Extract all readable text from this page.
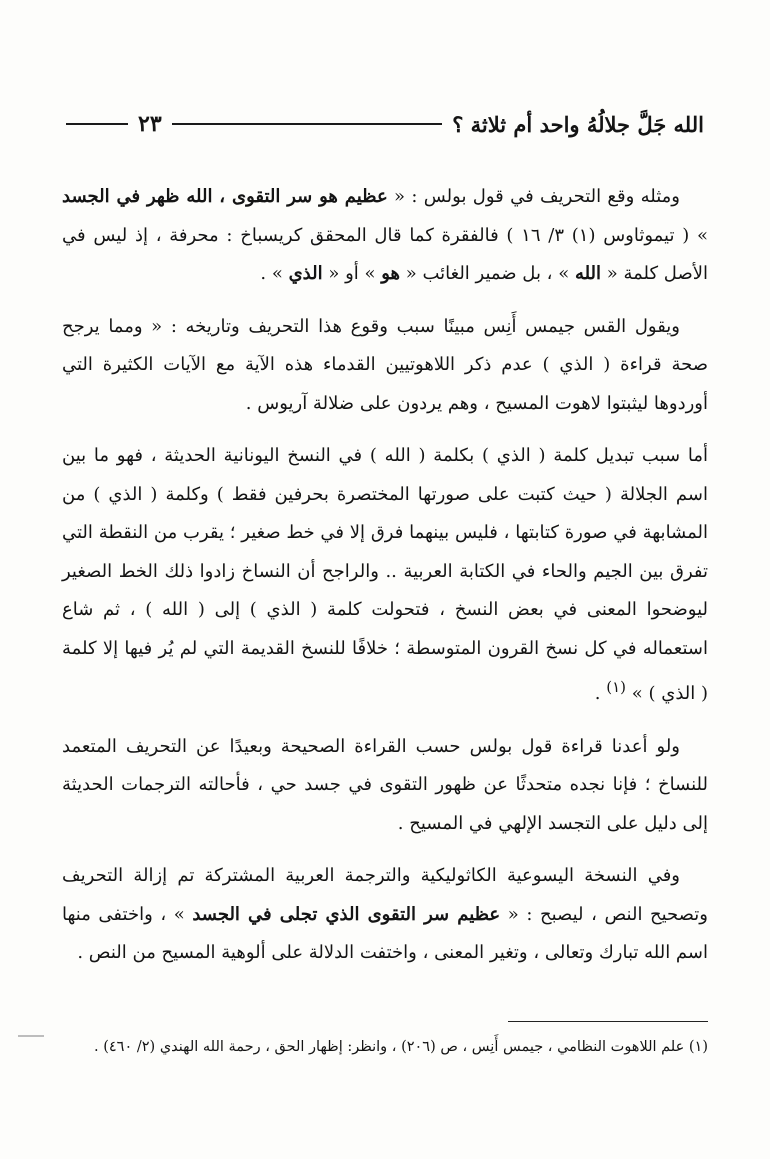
الله جَلَّ جلالُهُ واحد أم ثلاثة ؟
٢٣

ومثله وقع التحريف في قول بولس : « عظيم هو سر التقوى ، الله ظهر في الجسد » ( تيموثاوس (١) ٣/ ١٦ ) فالفقرة كما قال المحقق كريسباخ : محرفة ، إذ ليس في الأصل كلمة « الله » ، بل ضمير الغائب « هو » أو « الذي » .

ويقول القس جيمس أَنِس مبينًا سبب وقوع هذا التحريف وتاريخه : « ومما يرجح صحة قراءة ( الذي ) عدم ذكر اللاهوتيين القدماء هذه الآية مع الآيات الكثيرة التي أوردوها ليثبتوا لاهوت المسيح ، وهم يردون على ضلالة آريوس .

أما سبب تبديل كلمة ( الذي ) بكلمة ( الله ) في النسخ اليونانية الحديثة ، فهو ما بين اسم الجلالة ( حيث كتبت على صورتها المختصرة بحرفين فقط ) وكلمة ( الذي ) من المشابهة في صورة كتابتها ، فليس بينهما فرق إلا في خط صغير ؛ يقرب من النقطة التي تفرق بين الجيم والحاء في الكتابة العربية .. والراجح أن النساخ زادوا ذلك الخط الصغير ليوضحوا المعنى في بعض النسخ ، فتحولت كلمة ( الذي ) إلى ( الله ) ، ثم شاع استعماله في كل نسخ القرون المتوسطة ؛ خلافًا للنسخ القديمة التي لم يُر فيها إلا كلمة ( الذي ) » $^{(١)}$ .

ولو أعدنا قراءة قول بولس حسب القراءة الصحيحة وبعيدًا عن التحريف المتعمد للنساخ ؛ فإنا نجده متحدثًا عن ظهور التقوى في جسد حي ، فأحالته الترجمات الحديثة إلى دليل على التجسد الإلهي في المسيح .

وفي النسخة اليسوعية الكاثوليكية والترجمة العربية المشتركة تم إزالة التحريف وتصحيح النص ، ليصبح : « عظيم سر التقوى الذي تجلى في الجسد » ، واختفى منها اسم الله تبارك وتعالى ، وتغير المعنى ، واختفت الدلالة على ألوهية المسيح من النص .

(١) علم اللاهوت النظامي ، جيمس أَنِس ، ص (٢٠٦) ، وانظر: إظهار الحق ، رحمة الله الهندي (٢/ ٤٦٠) .
